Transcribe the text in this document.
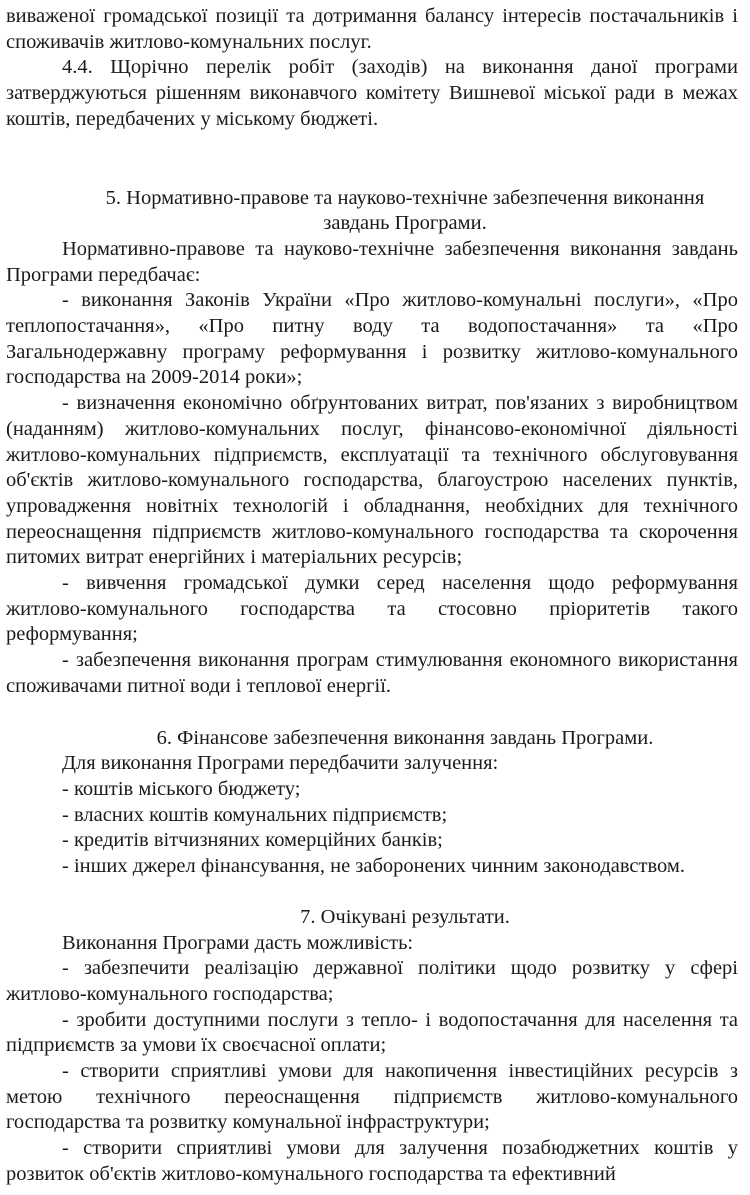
виваженої громадської позиції та дотримання балансу інтересів постачальників і споживачів житлово-комунальних послуг.

4.4. Щорічно перелік робіт (заходів) на виконання даної програми затверджуються рішенням виконавчого комітету Вишневої міської ради в межах коштів, передбачених у міському бюджеті.

5. Нормативно-правове та науково-технічне забезпечення виконання завдань Програми.

Нормативно-правове та науково-технічне забезпечення виконання завдань Програми передбачає:

- виконання Законів України «Про житлово-комунальні послуги», «Про теплопостачання», «Про питну воду та водопостачання» та «Про Загальнодержавну програму реформування і розвитку житлово-комунального господарства на 2009-2014 роки»;

- визначення економічно обґрунтованих витрат, пов'язаних з виробництвом (наданням) житлово-комунальних послуг, фінансово-економічної діяльності житлово-комунальних підприємств, експлуатації та технічного обслуговування об'єктів житлово-комунального господарства, благоустрою населених пунктів, упровадження новітніх технологій і обладнання, необхідних для технічного переоснащення підприємств житлово-комунального господарства та скорочення питомих витрат енергійних і матеріальних ресурсів;

- вивчення громадської думки серед населення щодо реформування житлово-комунального господарства та стосовно пріоритетів такого реформування;

- забезпечення виконання програм стимулювання економного використання споживачами питної води і теплової енергії.

6. Фінансове забезпечення виконання завдань Програми.

Для виконання Програми передбачити залучення:

- коштів міського бюджету;

- власних коштів комунальних підприємств;

- кредитів вітчизняних комерційних банків;

- інших джерел фінансування, не заборонених чинним законодавством.

7. Очікувані результати.

Виконання Програми дасть можливість:

- забезпечити реалізацію державної політики щодо розвитку у сфері житлово-комунального господарства;

- зробити доступними послуги з тепло- і водопостачання для населення та підприємств за умови їх своєчасної оплати;

- створити сприятливі умови для накопичення інвестиційних ресурсів з метою технічного переоснащення підприємств житлово-комунального господарства та розвитку комунальної інфраструктури;

- створити сприятливі умови для залучення позабюджетних коштів у розвиток об'єктів житлово-комунального господарства та ефективний
